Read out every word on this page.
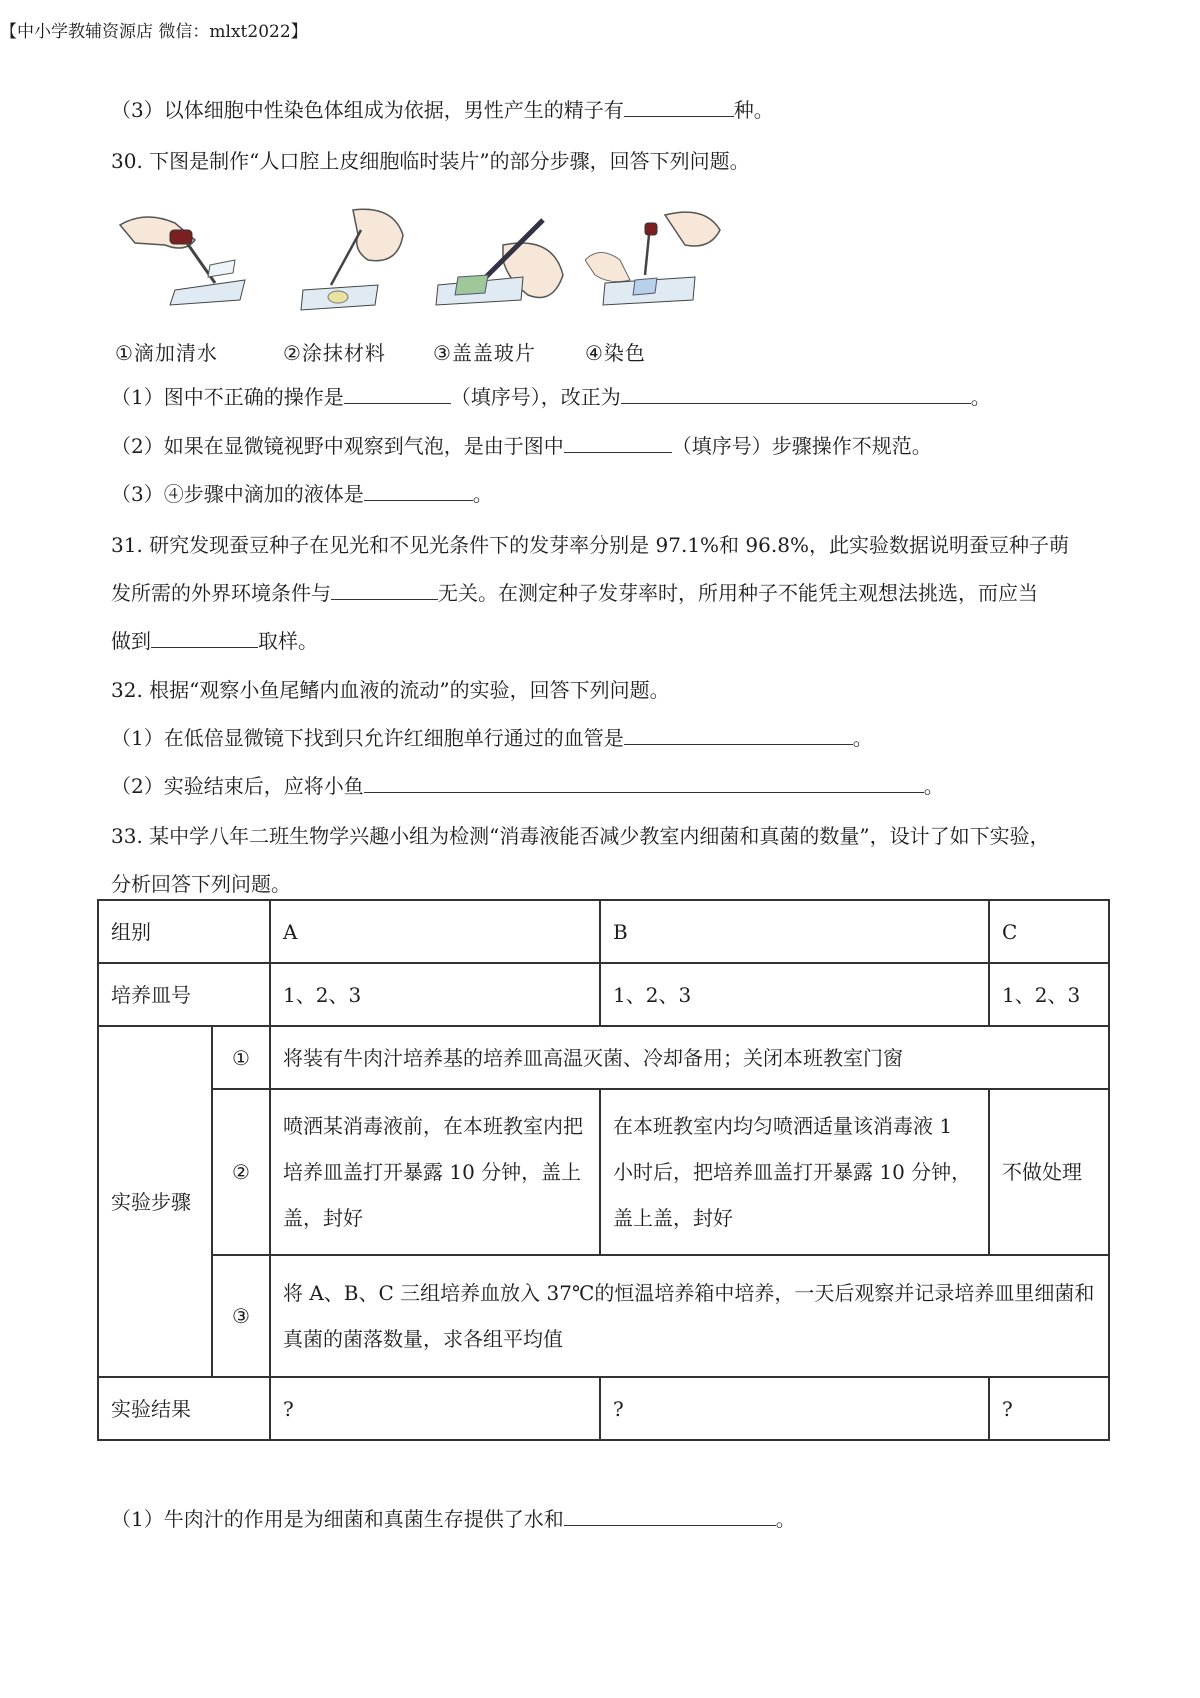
【中小学教辅资源店 微信：mlxt2022】
（3）以体细胞中性染色体组成为依据，男性产生的精子有	种。
30. 下图是制作“人口腔上皮细胞临时装片”的部分步骤，回答下列问题。
①滴加清水	②涂抹材料	③盖盖玻片	④染色
（1）图中不正确的操作是	（填序号），改正为	。
（2）如果在显微镜视野中观察到气泡，是由于图中	（填序号）步骤操作不规范。
（3）④步骤中滴加的液体是	。
31. 研究发现蚕豆种子在见光和不见光条件下的发芽率分别是 97.1%和 96.8%，此实验数据说明蚕豆种子萌
发所需的外界环境条件与	无关。在测定种子发芽率时，所用种子不能凭主观想法挑选，而应当
做到	取样。
32. 根据“观察小鱼尾鳍内血液的流动”的实验，回答下列问题。
（1）在低倍显微镜下找到只允许红细胞单行通过的血管是	。
（2）实验结束后，应将小鱼	。
33. 某中学八年二班生物学兴趣小组为检测“消毒液能否减少教室内细菌和真菌的数量”，设计了如下实验，
分析回答下列问题。
组别		A	B	C
培养皿号		1、2、3	1、2、3	1、2、3
实验步骤	①	将装有牛肉汁培养基的培养皿高温灭菌、冷却备用；关闭本班教室门窗		
	②	喷洒某消毒液前，在本班教室内把培养皿盖打开暴露 10 分钟，盖上盖，封好	在本班教室内均匀喷洒适量该消毒液 1 小时后，把培养皿盖打开暴露 10 分钟，盖上盖，封好	不做处理
	③	将 A、B、C 三组培养血放入 37℃的恒温培养箱中培养，一天后观察并记录培养皿里细菌和真菌的菌落数量，求各组平均值		
实验结果		?	?	?
（1）牛肉汁的作用是为细菌和真菌生存提供了水和	。
